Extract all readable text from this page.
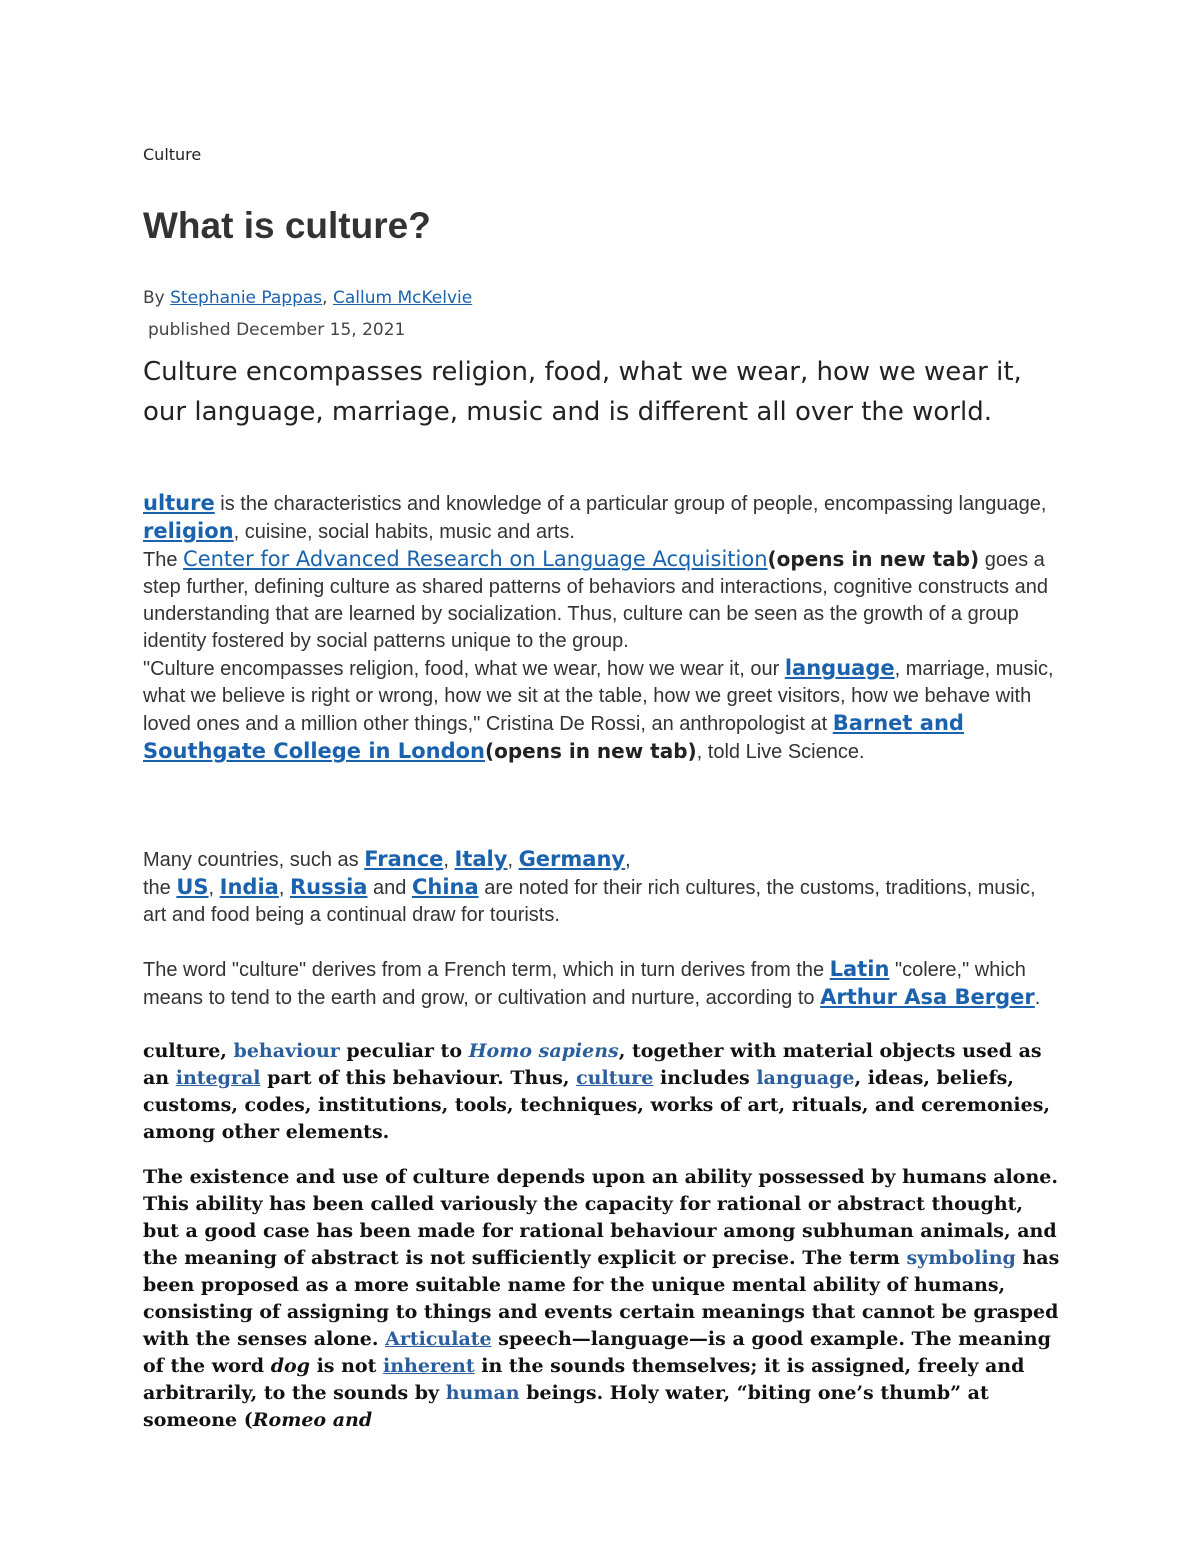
Culture
What is culture?
By Stephanie Pappas, Callum McKelvie
published December 15, 2021

Culture encompasses religion, food, what we wear, how we wear it, our language, marriage, music and is different all over the world.

ulture is the characteristics and knowledge of a particular group of people, encompassing language, religion, cuisine, social habits, music and arts.
The Center for Advanced Research on Language Acquisition(opens in new tab) goes a step further, defining culture as shared patterns of behaviors and interactions, cognitive constructs and understanding that are learned by socialization. Thus, culture can be seen as the growth of a group identity fostered by social patterns unique to the group.
"Culture encompasses religion, food, what we wear, how we wear it, our language, marriage, music, what we believe is right or wrong, how we sit at the table, how we greet visitors, how we behave with loved ones and a million other things," Cristina De Rossi, an anthropologist at Barnet and Southgate College in London(opens in new tab), told Live Science.

Many countries, such as France, Italy, Germany,
the US, India, Russia and China are noted for their rich cultures, the customs, traditions, music, art and food being a continual draw for tourists.

The word "culture" derives from a French term, which in turn derives from the Latin "colere," which means to tend to the earth and grow, or cultivation and nurture, according to Arthur Asa Berger.

culture, behaviour peculiar to Homo sapiens, together with material objects used as an integral part of this behaviour. Thus, culture includes language, ideas, beliefs, customs, codes, institutions, tools, techniques, works of art, rituals, and ceremonies, among other elements.

The existence and use of culture depends upon an ability possessed by humans alone. This ability has been called variously the capacity for rational or abstract thought, but a good case has been made for rational behaviour among subhuman animals, and the meaning of abstract is not sufficiently explicit or precise. The term symboling has been proposed as a more suitable name for the unique mental ability of humans, consisting of assigning to things and events certain meanings that cannot be grasped with the senses alone. Articulate speech—language—is a good example. The meaning of the word dog is not inherent in the sounds themselves; it is assigned, freely and arbitrarily, to the sounds by human beings. Holy water, “biting one’s thumb” at someone (Romeo and
